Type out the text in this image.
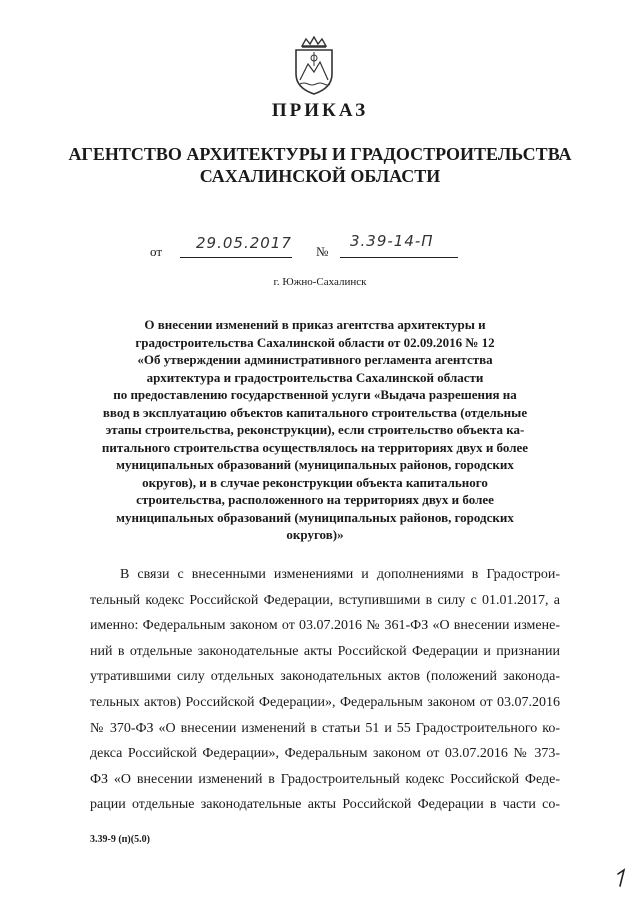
ПРИКАЗ
АГЕНТСТВО АРХИТЕКТУРЫ И ГРАДОСТРОИТЕЛЬСТВА
САХАЛИНСКОЙ ОБЛАСТИ
от 29.05.2017 №
3.39-14-П
г. Южно-Сахалинск
О внесении изменений в приказ агентства архитектуры и
градостроительства Сахалинской области от 02.09.2016 № 12
«Об утверждении административного регламента агентства
архитектура и градостроительства Сахалинской области
по предоставлению государственной услуги «Выдача разрешения на
ввод в эксплуатацию объектов капитального строительства (отдельные
этапы строительства, реконструкции), если строительство объекта ка-
питального строительства осуществлялось на территориях двух и более
муниципальных образований (муниципальных районов, городских
округов), и в случае реконструкции объекта капитального
строительства, расположенного на территориях двух и более
муниципальных образований (муниципальных районов, городских
округов)»
В связи с внесенными изменениями и дополнениями в Градострои-
тельный кодекс Российской Федерации, вступившими в силу с 01.01.2017, а
именно: Федеральным законом от 03.07.2016 № 361-ФЗ «О внесении измене-
ний в отдельные законодательные акты Российской Федерации и признании
утратившими силу отдельных законодательных актов (положений законода-
тельных актов) Российской Федерации», Федеральным законом от 03.07.2016
№ 370-ФЗ «О внесении изменений в статьи 51 и 55 Градостроительного ко-
декса Российской Федерации», Федеральным законом от 03.07.2016 № 373-
ФЗ «О внесении изменений в Градостроительный кодекс Российской Феде-
рации отдельные законодательные акты Российской Федерации в части со-
3.39-9 (п)(5.0)
